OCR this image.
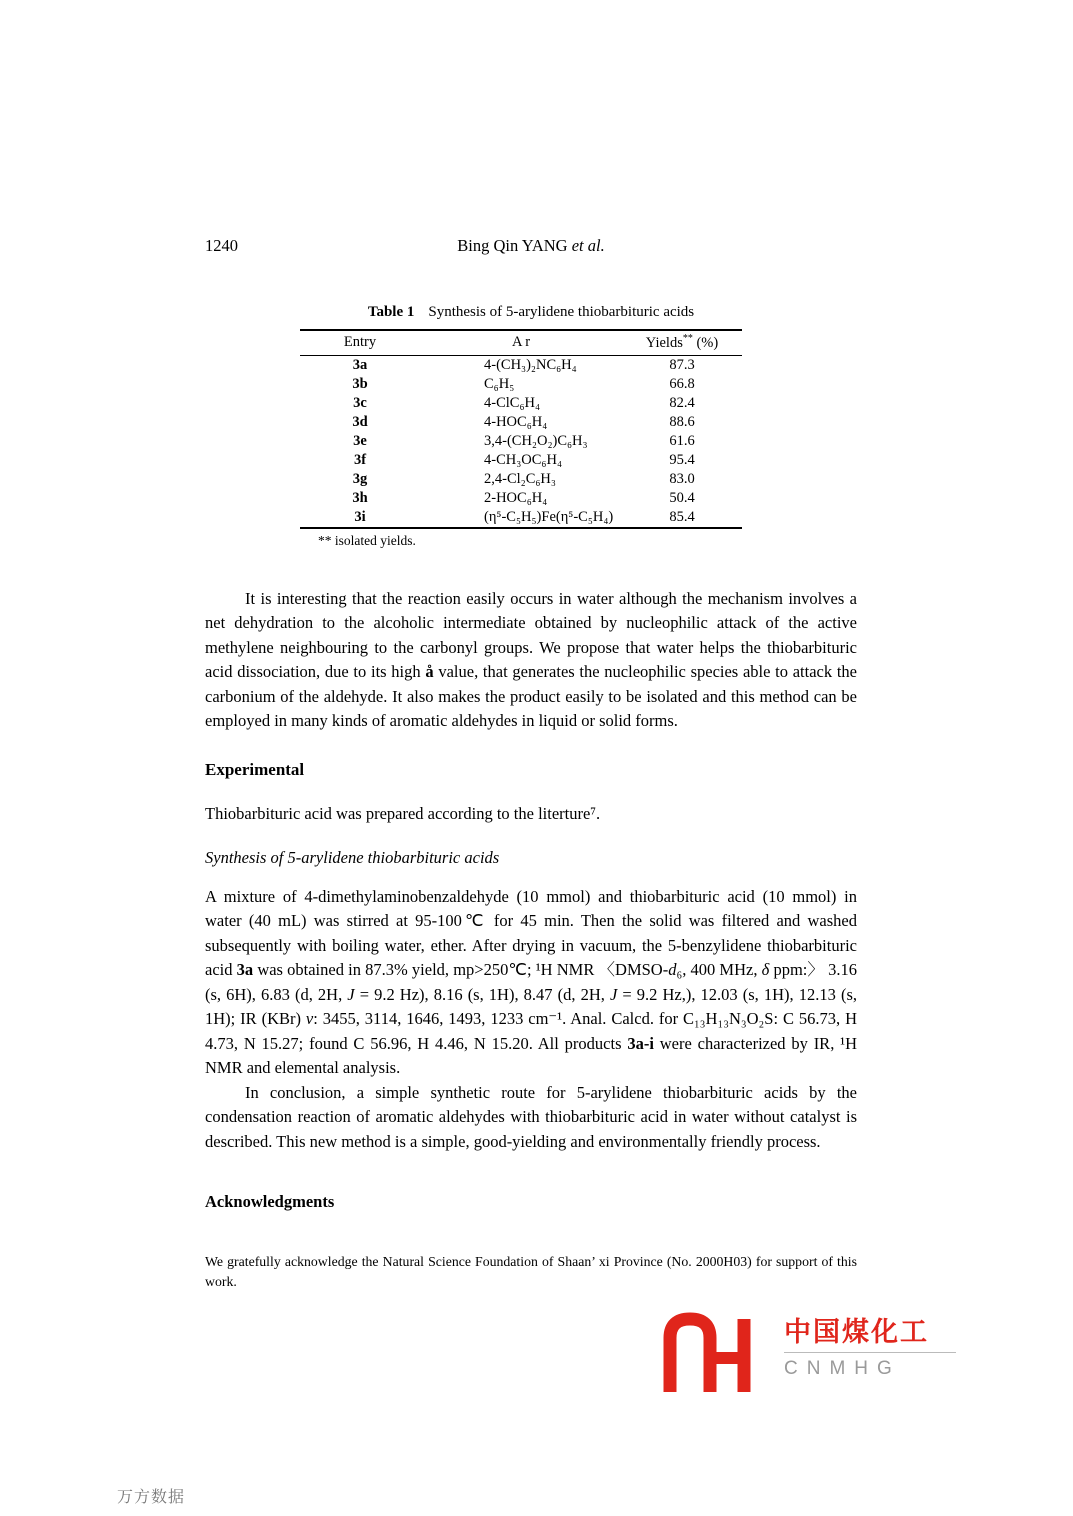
1240	Bing Qin YANG et al.
Table 1 Synthesis of 5-arylidene thiobarbituric acids
Entry	A r	Yields** (%)
3a	4-(CH₃)₂NC₆H₄	87.3
3b	C₆H₅	66.8
3c	4-ClC₆H₄	82.4
3d	4-HOC₆H₄	88.6
3e	3,4-(CH₂O₂)C₆H₃	61.6
3f	4-CH₃OC₆H₄	95.4
3g	2,4-Cl₂C₆H₃	83.0
3h	2-HOC₆H₄	50.4
3i	(η⁵-C₅H₅)Fe(η⁵-C₅H₄)	85.4
** isolated yields.

It is interesting that the reaction easily occurs in water although the mechanism involves a net dehydration to the alcoholic intermediate obtained by nucleophilic attack of the active methylene neighbouring to the carbonyl groups. We propose that water helps the thiobarbituric acid dissociation, due to its high å value, that generates the nucleophilic species able to attack the carbonium of the aldehyde. It also makes the product easily to be isolated and this method can be employed in many kinds of aromatic aldehydes in liquid or solid forms.

Experimental

Thiobarbituric acid was prepared according to the literture⁷.

Synthesis of 5-arylidene thiobarbituric acids

A mixture of 4-dimethylaminobenzaldehyde (10 mmol) and thiobarbituric acid (10 mmol) in water (40 mL) was stirred at 95-100℃ for 45 min. Then the solid was filtered and washed subsequently with boiling water, ether. After drying in vacuum, the 5-benzylidene thiobarbituric acid 3a was obtained in 87.3% yield, mp>250℃; ¹H NMR 〈DMSO-d₆, 400 MHz, δ ppm:〉 3.16 (s, 6H), 6.83 (d, 2H, J = 9.2 Hz), 8.16 (s, 1H), 8.47 (d, 2H, J = 9.2 Hz,), 12.03 (s, 1H), 12.13 (s, 1H); IR (KBr) ν: 3455, 3114, 1646, 1493, 1233 cm⁻¹. Anal. Calcd. for C₁₃H₁₃N₃O₂S: C 56.73, H 4.73, N 15.27; found C 56.96, H 4.46, N 15.20. All products 3a-i were characterized by IR, ¹H NMR and elemental analysis.

In conclusion, a simple synthetic route for 5-arylidene thiobarbituric acids by the condensation reaction of aromatic aldehydes with thiobarbituric acid in water without catalyst is described. This new method is a simple, good-yielding and environmentally friendly process.

Acknowledgments

We gratefully acknowledge the Natural Science Foundation of Shaan’ xi Province (No. 2000H03) for support of this work.

中国煤化工
CNMHG
万方数据
